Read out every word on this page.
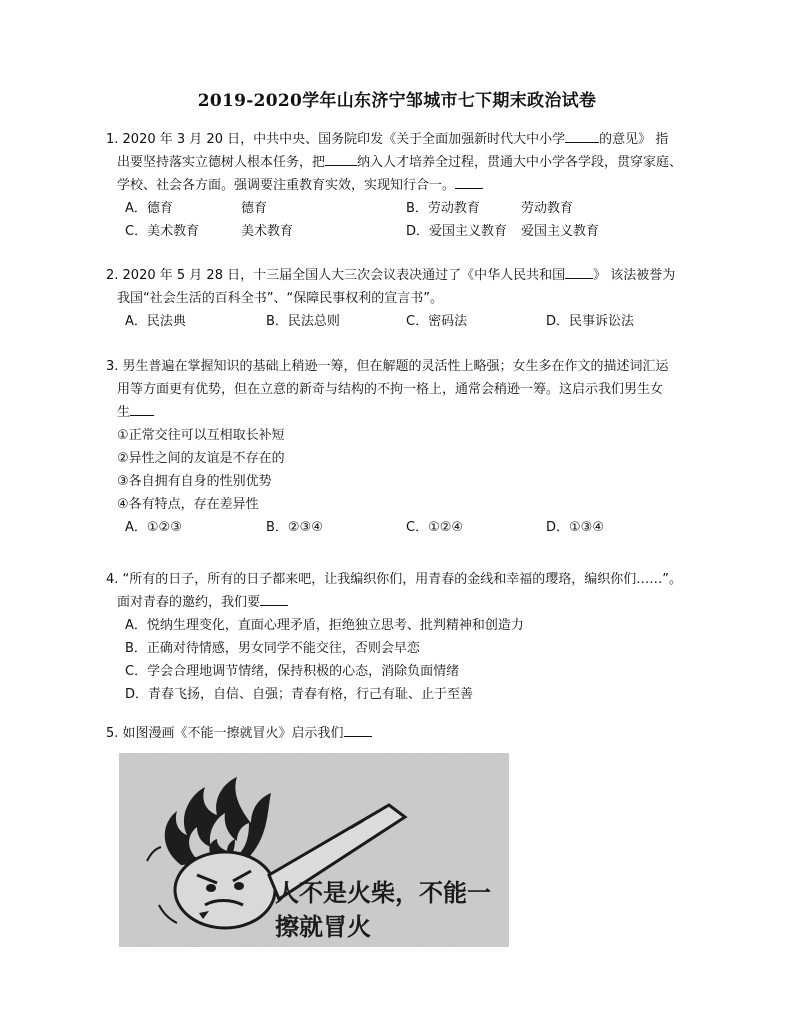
2019-2020学年山东济宁邹城市七下期末政治试卷
1. 2020 年 3 月 20 日，中共中央、国务院印发《关于全面加强新时代大中小学	的意见》 指
出要坚持落实立德树人根本任务，把 纳入人才培养全过程，贯通大中小学各学段，贯穿家庭、
学校、社会各方面。强调要注重教育实效，实现知行合一。
A．德育	德育	B．劳动教育	劳动教育
C．美术教育	美术教育	D．爱国主义教育 爱国主义教育
2. 2020 年 5 月 28 日，十三届全国人大三次会议表决通过了《中华人民共和国 》 该法被誉为
我国“社会生活的百科全书”、“保障民事权利的宣言书”。
A．民法典	B．民法总则	C．密码法	D．民事诉讼法
3. 男生普遍在掌握知识的基础上稍逊一筹，但在解题的灵活性上略强；女生多在作文的描述词汇运
用等方面更有优势，但在立意的新奇与结构的不拘一格上，通常会稍逊一筹。这启示我们男生女
生
①正常交往可以互相取长补短
②异性之间的友谊是不存在的
③各自拥有自身的性别优势
④各有特点，存在差异性
A．①②③	B．②③④	C．①②④	D．①③④
4. “所有的日子，所有的日子都来吧，让我编织你们，用青春的金线和幸福的璎珞，编织你们……”。
面对青春的邀约，我们要
A．悦纳生理变化，直面心理矛盾，拒绝独立思考、批判精神和创造力
B．正确对待情感，男女同学不能交往，否则会早恋
C．学会合理地调节情绪，保持积极的心态，消除负面情绪
D．青春飞扬，自信、自强；青春有格，行己有耻、止于至善
5. 如图漫画《不能一擦就冒火》启示我们
人不是火柴，不能一
擦就冒火
